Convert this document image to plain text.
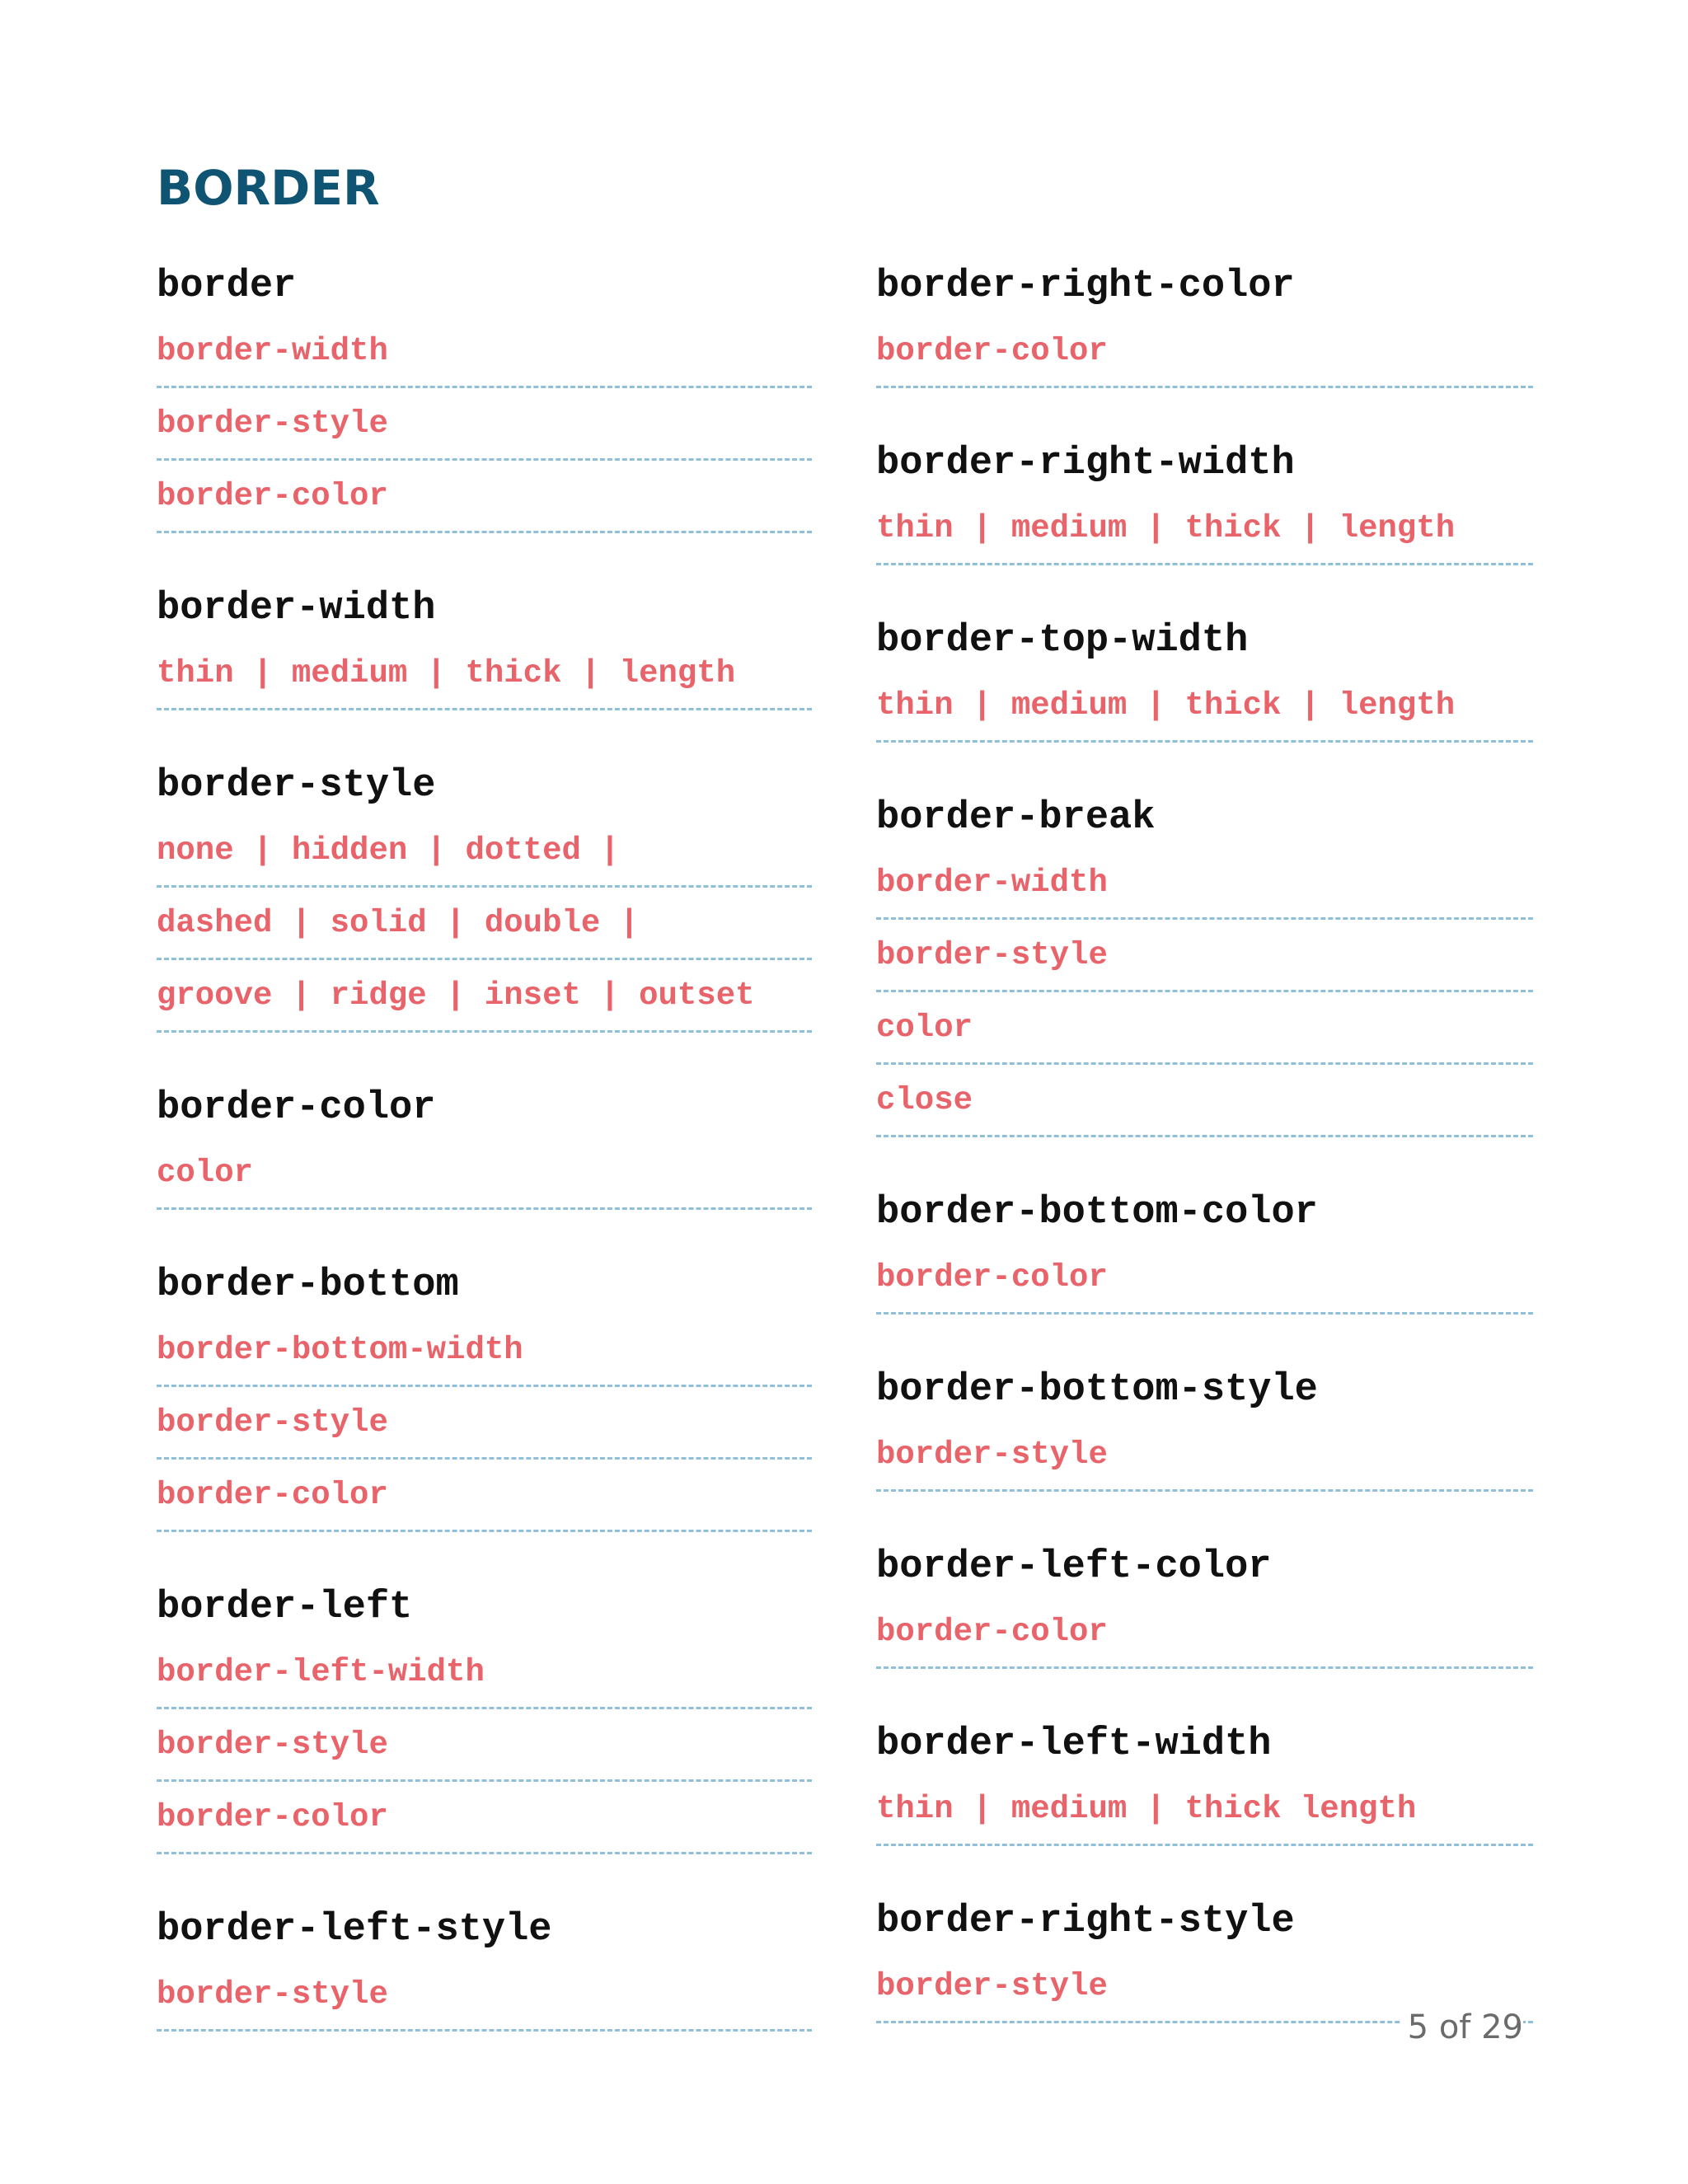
BORDER
border
border-width
border-style
border-color
border-width
thin | medium | thick | length
border-style
none | hidden | dotted |
dashed | solid | double |
groove | ridge | inset | outset
border-color
color
border-bottom
border-bottom-width
border-style
border-color
border-left
border-left-width
border-style
border-color
border-left-style
border-style
border-right-color
border-color
border-right-width
thin | medium | thick | length
border-top-width
thin | medium | thick | length
border-break
border-width
border-style
color
close
border-bottom-color
border-color
border-bottom-style
border-style
border-left-color
border-color
border-left-width
thin | medium | thick length
border-right-style
border-style
5 of 29
